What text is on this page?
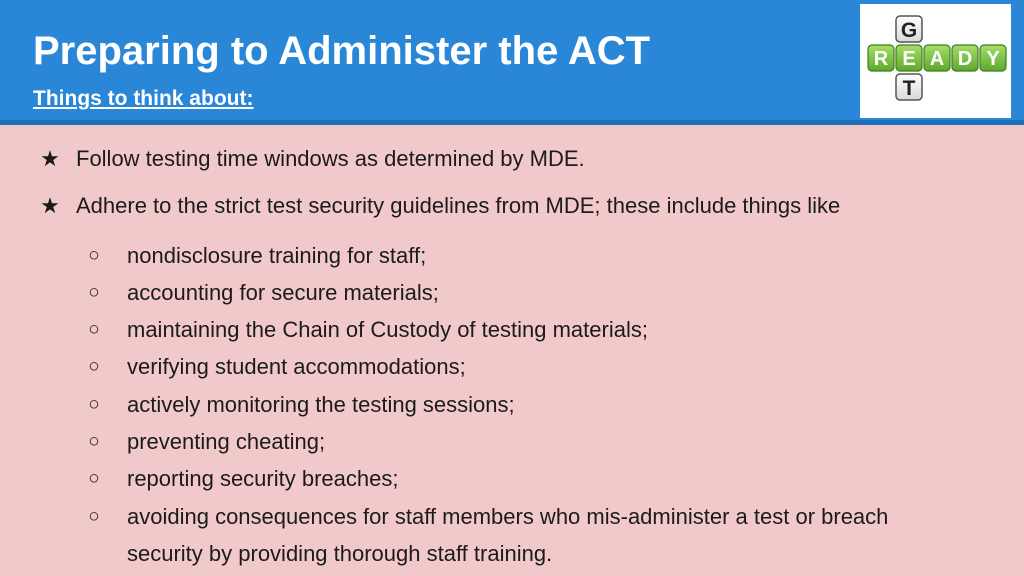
Preparing to Administer the ACT
Things to think about:
G
R E A D Y
T
★ Follow testing time windows as determined by MDE.
★ Adhere to the strict test security guidelines from MDE; these include things like
○ nondisclosure training for staff;
○ accounting for secure materials;
○ maintaining the Chain of Custody of testing materials;
○ verifying student accommodations;
○ actively monitoring the testing sessions;
○ preventing cheating;
○ reporting security breaches;
○ avoiding consequences for staff members who mis-administer a test or breach
security by providing thorough staff training.
